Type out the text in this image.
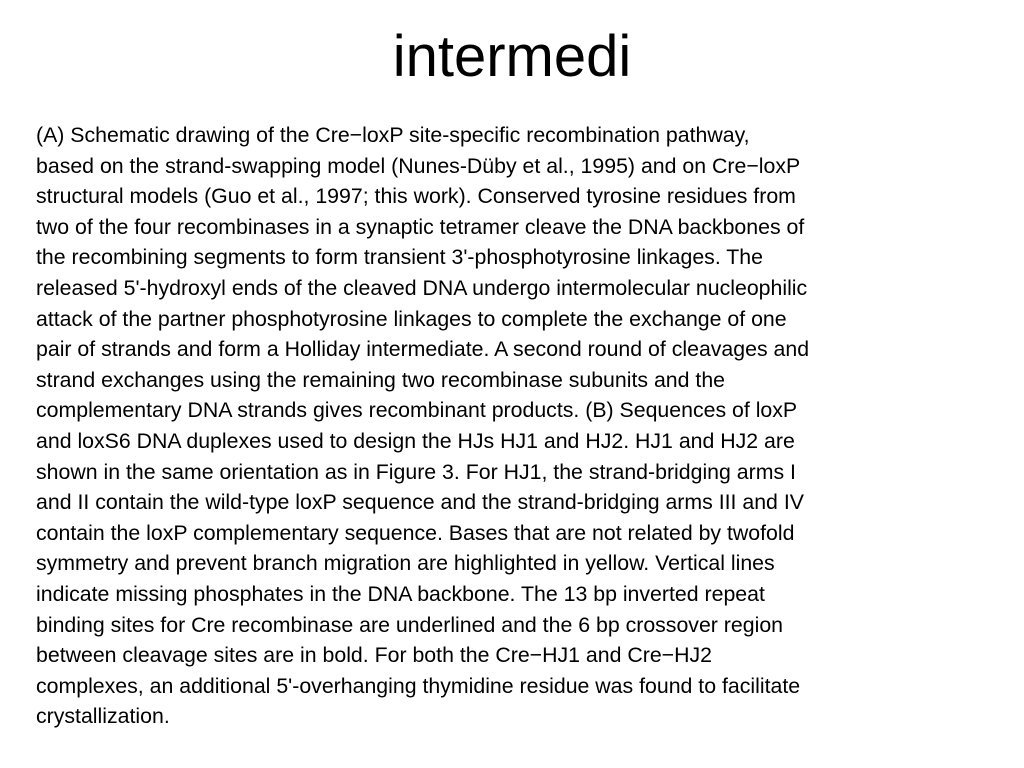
intermedi

(A) Schematic drawing of the Cre−loxP site-specific recombination pathway,
based on the strand-swapping model (Nunes-Düby et al., 1995) and on Cre−loxP
structural models (Guo et al., 1997; this work). Conserved tyrosine residues from
two of the four recombinases in a synaptic tetramer cleave the DNA backbones of
the recombining segments to form transient 3'-phosphotyrosine linkages. The
released 5'-hydroxyl ends of the cleaved DNA undergo intermolecular nucleophilic
attack of the partner phosphotyrosine linkages to complete the exchange of one
pair of strands and form a Holliday intermediate. A second round of cleavages and
strand exchanges using the remaining two recombinase subunits and the
complementary DNA strands gives recombinant products. (B) Sequences of loxP
and loxS6 DNA duplexes used to design the HJs HJ1 and HJ2. HJ1 and HJ2 are
shown in the same orientation as in Figure 3. For HJ1, the strand-bridging arms I
and II contain the wild-type loxP sequence and the strand-bridging arms III and IV
contain the loxP complementary sequence. Bases that are not related by twofold
symmetry and prevent branch migration are highlighted in yellow. Vertical lines
indicate missing phosphates in the DNA backbone. The 13 bp inverted repeat
binding sites for Cre recombinase are underlined and the 6 bp crossover region
between cleavage sites are in bold. For both the Cre−HJ1 and Cre−HJ2
complexes, an additional 5'-overhanging thymidine residue was found to facilitate
crystallization.
